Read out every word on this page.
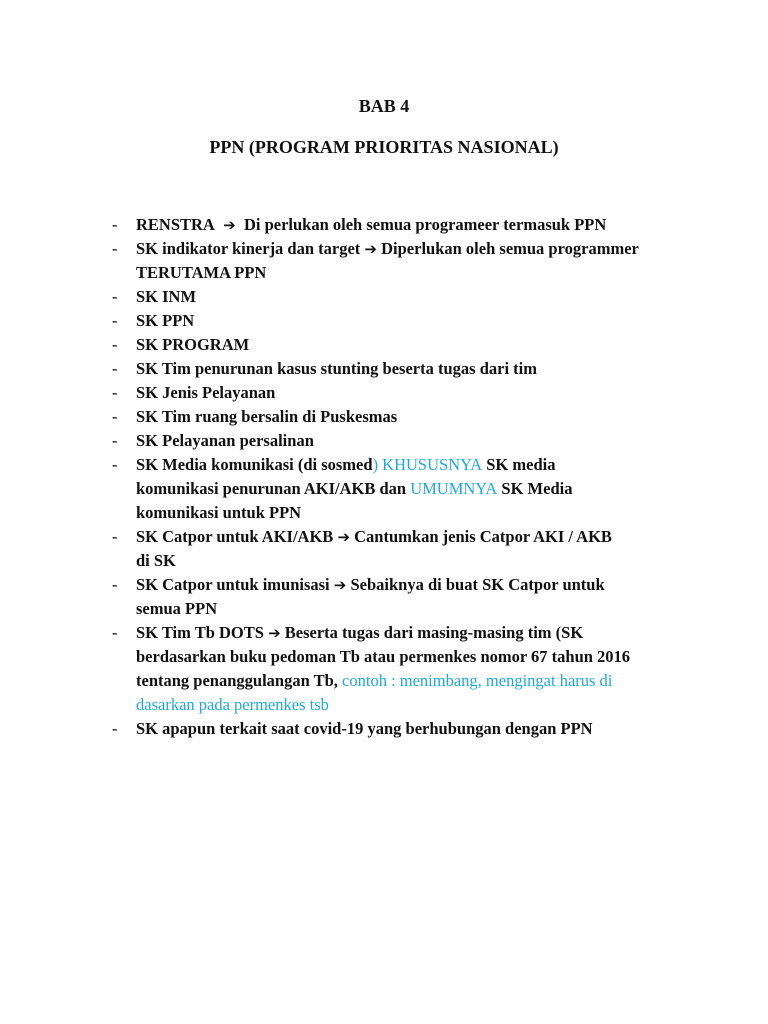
BAB 4
PPN (PROGRAM PRIORITAS NASIONAL)
- RENSTRA ➔ Di perlukan oleh semua programeer termasuk PPN
- SK indikator kinerja dan target ➔ Diperlukan oleh semua programmer
TERUTAMA PPN
- SK INM
- SK PPN
- SK PROGRAM
- SK Tim penurunan kasus stunting beserta tugas dari tim
- SK Jenis Pelayanan
- SK Tim ruang bersalin di Puskesmas
- SK Pelayanan persalinan
- SK Media komunikasi (di sosmed) KHUSUSNYA SK media
komunikasi penurunan AKI/AKB dan UMUMNYA SK Media
komunikasi untuk PPN
- SK Catpor untuk AKI/AKB ➔ Cantumkan jenis Catpor AKI / AKB
di SK
- SK Catpor untuk imunisasi ➔ Sebaiknya di buat SK Catpor untuk
semua PPN
- SK Tim Tb DOTS ➔ Beserta tugas dari masing-masing tim (SK
berdasarkan buku pedoman Tb atau permenkes nomor 67 tahun 2016
tentang penanggulangan Tb, contoh : menimbang, mengingat harus di
dasarkan pada permenkes tsb
- SK apapun terkait saat covid-19 yang berhubungan dengan PPN
